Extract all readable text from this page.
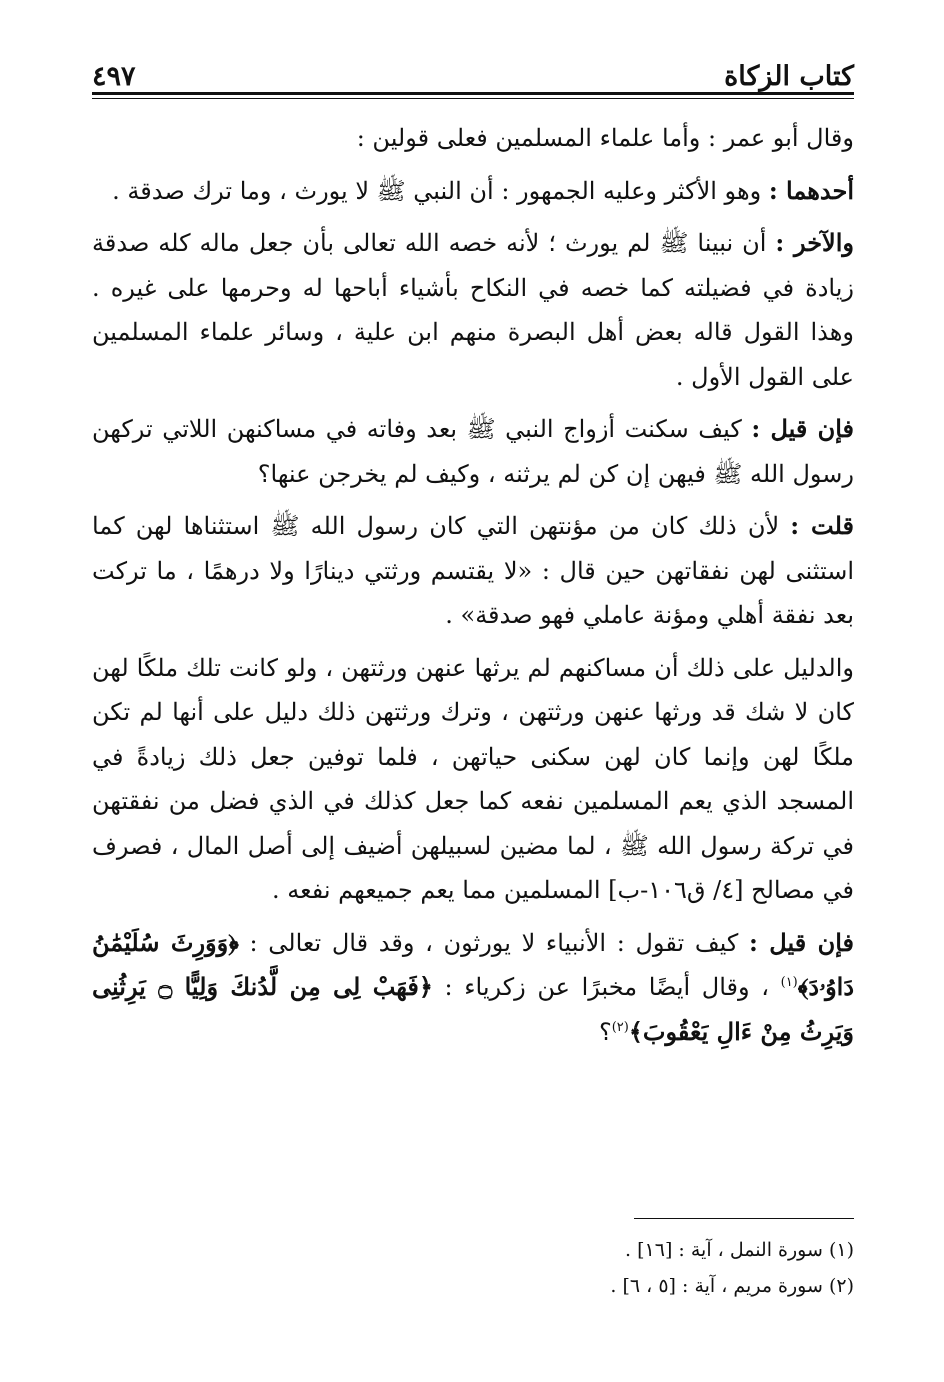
كتاب الزكاة
٤٩٧

وقال أبو عمر : وأما علماء المسلمين فعلى قولين :

أحدهما : وهو الأكثر وعليه الجمهور : أن النبي ﷺ لا يورث ، وما ترك صدقة .

والآخر : أن نبينا ﷺ لم يورث ؛ لأنه خصه الله تعالى بأن جعل ماله كله صدقة زيادة في فضيلته كما خصه في النكاح بأشياء أباحها له وحرمها على غيره . وهذا القول قاله بعض أهل البصرة منهم ابن علية ، وسائر علماء المسلمين على القول الأول .

فإن قيل : كيف سكنت أزواج النبي ﷺ بعد وفاته في مساكنهن اللاتي تركهن رسول الله ﷺ فيهن إن كن لم يرثنه ، وكيف لم يخرجن عنها؟

قلت : لأن ذلك كان من مؤنتهن التي كان رسول الله ﷺ استثناها لهن كما استثنى لهن نفقاتهن حين قال : «لا يقتسم ورثتي دينارًا ولا درهمًا ، ما تركت بعد نفقة أهلي ومؤنة عاملي فهو صدقة» .

والدليل على ذلك أن مساكنهم لم يرثها عنهن ورثتهن ، ولو كانت تلك ملكًا لهن كان لا شك قد ورثها عنهن ورثتهن ، وترك ورثتهن ذلك دليل على أنها لم تكن ملكًا لهن وإنما كان لهن سكنى حياتهن ، فلما توفين جعل ذلك زيادةً في المسجد الذي يعم المسلمين نفعه كما جعل كذلك في الذي فضل من نفقتهن في تركة رسول الله ﷺ ، لما مضين لسبيلهن أضيف إلى أصل المال ، فصرف في مصالح [٤/ ق١٠٦-ب] المسلمين مما يعم جميعهم نفعه .

فإن قيل : كيف تقول : الأنبياء لا يورثون ، وقد قال تعالى : ﴿وَوَرِثَ سُلَيْمَٰنُ دَاوُۥدَ﴾$^{(١)}$ ، وقال أيضًا مخبرًا عن زكرياء : ﴿فَهَبْ لِى مِن لَّدُنكَ وَلِيًّا ۝ يَرِثُنِى وَيَرِثُ مِنْ ءَالِ يَعْقُوبَ﴾$^{(٢)}$؟

(١) سورة النمل ، آية : [١٦] .

(٢) سورة مريم ، آية : [٥ ، ٦] .
